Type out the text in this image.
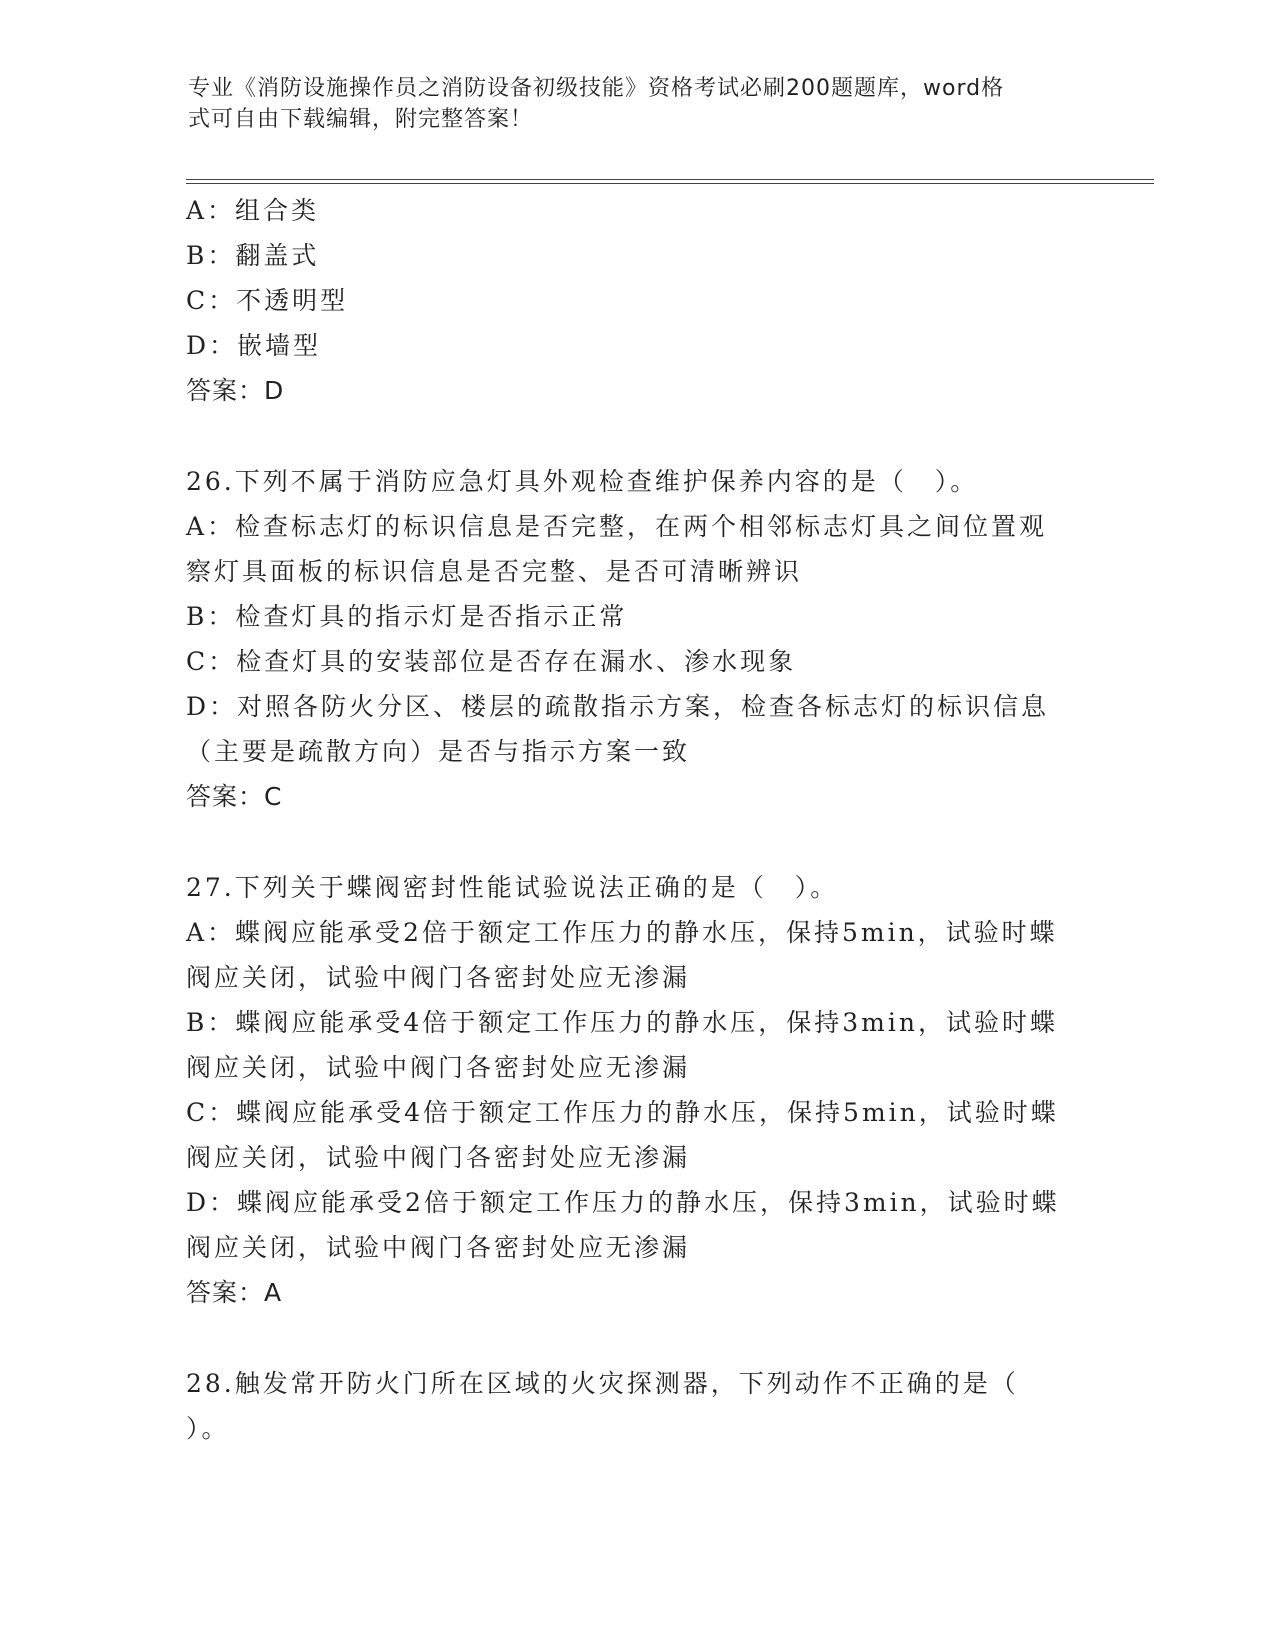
专业《消防设施操作员之消防设备初级技能》资格考试必刷200题题库，word格
式可自由下载编辑，附完整答案！
A：组合类
B：翻盖式
C：不透明型
D：嵌墙型
答案：D
26.下列不属于消防应急灯具外观检查维护保养内容的是（　）。
A：检查标志灯的标识信息是否完整，在两个相邻标志灯具之间位置观
察灯具面板的标识信息是否完整、是否可清晰辨识
B：检查灯具的指示灯是否指示正常
C：检查灯具的安装部位是否存在漏水、渗水现象
D：对照各防火分区、楼层的疏散指示方案，检查各标志灯的标识信息
（主要是疏散方向）是否与指示方案一致
答案：C
27.下列关于蝶阀密封性能试验说法正确的是（　）。
A：蝶阀应能承受2倍于额定工作压力的静水压，保持5min，试验时蝶
阀应关闭，试验中阀门各密封处应无渗漏
B：蝶阀应能承受4倍于额定工作压力的静水压，保持3min，试验时蝶
阀应关闭，试验中阀门各密封处应无渗漏
C：蝶阀应能承受4倍于额定工作压力的静水压，保持5min，试验时蝶
阀应关闭，试验中阀门各密封处应无渗漏
D：蝶阀应能承受2倍于额定工作压力的静水压，保持3min，试验时蝶
阀应关闭，试验中阀门各密封处应无渗漏
答案：A
28.触发常开防火门所在区域的火灾探测器，下列动作不正确的是（
）。
